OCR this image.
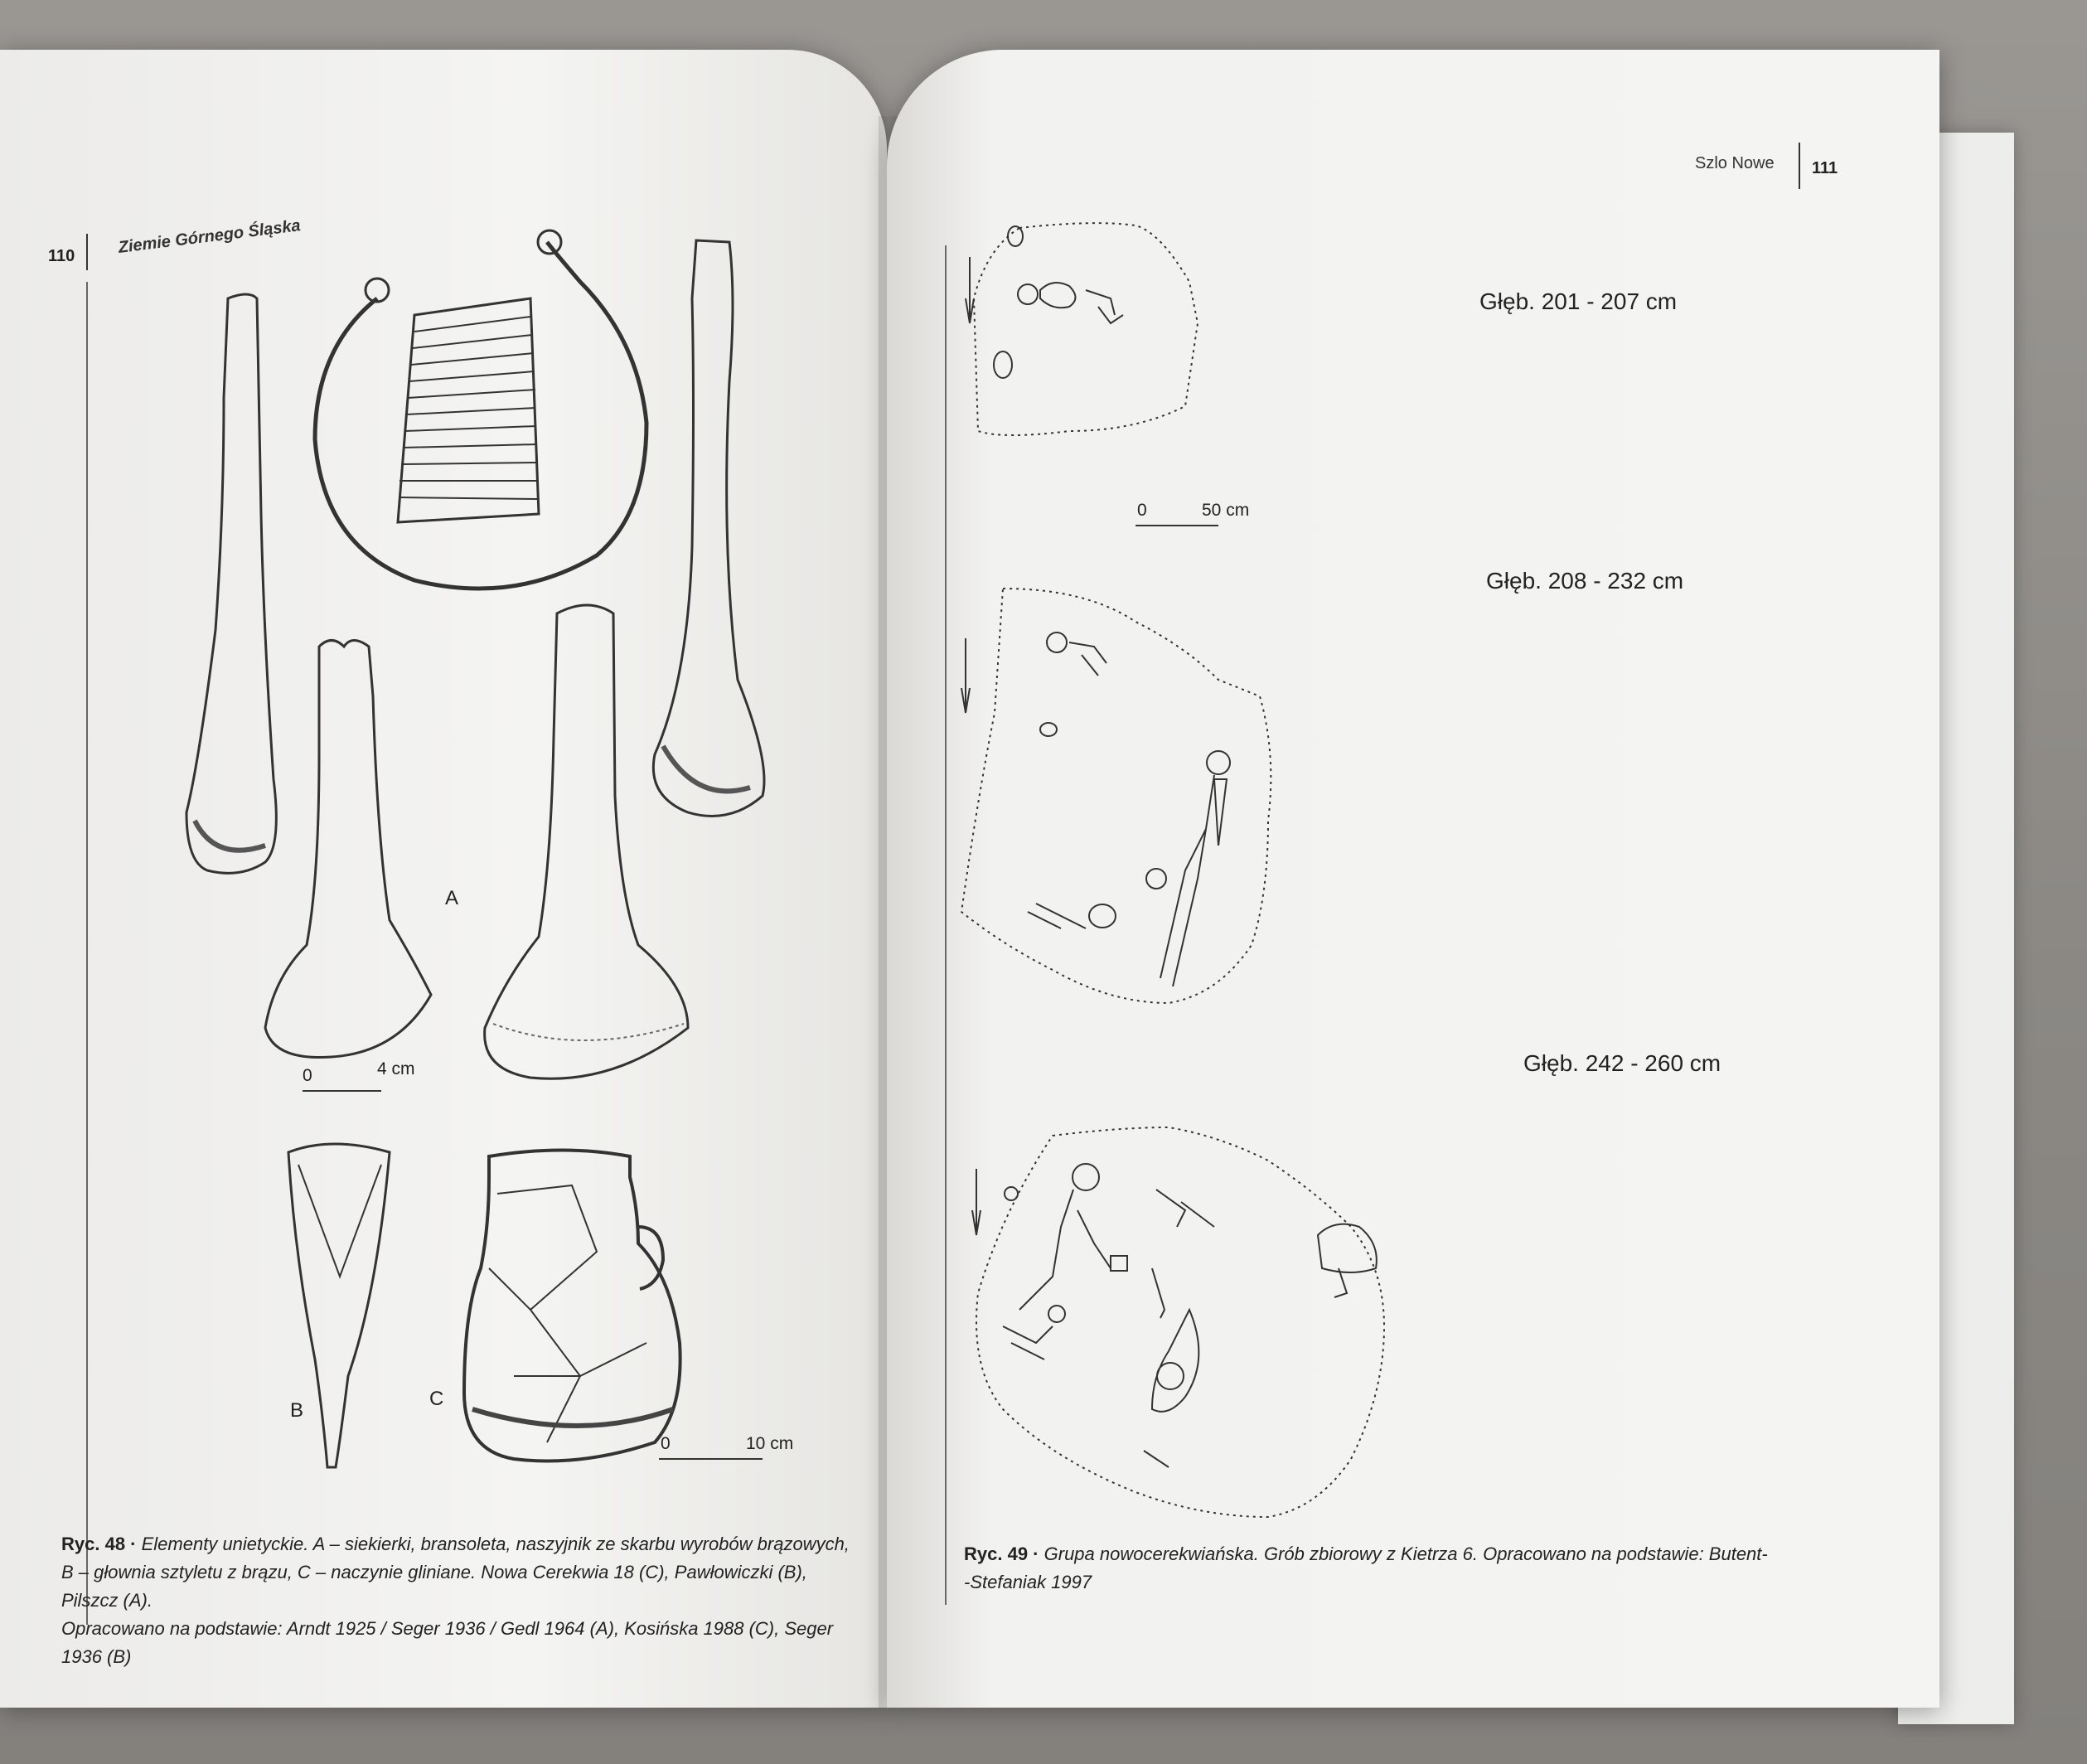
110	Ziemie Górnego Śląska
A
B
C
0	4 cm
0	10 cm
Ryc. 48 · Elementy unietyckie. A – siekierki, bransoleta, naszyjnik ze skarbu wyrobów brązowych,
B – głownia sztyletu z brązu, C – naczynie gliniane. Nowa Cerekwia 18 (C), Pawłowiczki (B), Pilszcz (A).
Opracowano na podstawie: Arndt 1925 / Seger 1936 / Gedl 1964 (A), Kosińska 1988 (C), Seger 1936 (B)
Szlo Nowe 111
Głęb. 201 - 207 cm
Głęb. 208 - 232 cm
Głęb. 242 - 260 cm
0	50 cm
Ryc. 49 · Grupa nowocerekwiańska. Grób zbiorowy z Kietrza 6. Opracowano na podstawie: Butent-
-Stefaniak 1997
